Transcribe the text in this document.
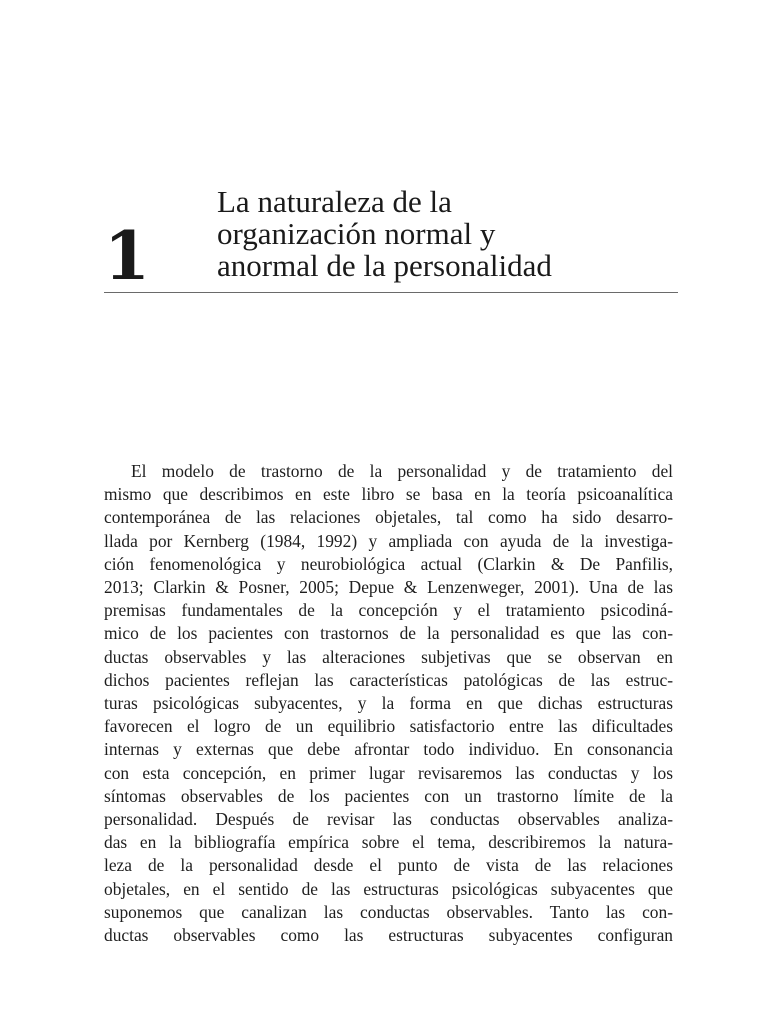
1
La naturaleza de la
organización normal y
anormal de la personalidad

El modelo de trastorno de la personalidad y de tratamiento del
mismo que describimos en este libro se basa en la teoría psicoanalítica
contemporánea de las relaciones objetales, tal como ha sido desarro-
llada por Kernberg (1984, 1992) y ampliada con ayuda de la investiga-
ción fenomenológica y neurobiológica actual (Clarkin & De Panfilis,
2013; Clarkin & Posner, 2005; Depue & Lenzenweger, 2001). Una de las
premisas fundamentales de la concepción y el tratamiento psicodiná-
mico de los pacientes con trastornos de la personalidad es que las con-
ductas observables y las alteraciones subjetivas que se observan en
dichos pacientes reflejan las características patológicas de las estruc-
turas psicológicas subyacentes, y la forma en que dichas estructuras
favorecen el logro de un equilibrio satisfactorio entre las dificultades
internas y externas que debe afrontar todo individuo. En consonancia
con esta concepción, en primer lugar revisaremos las conductas y los
síntomas observables de los pacientes con un trastorno límite de la
personalidad. Después de revisar las conductas observables analiza-
das en la bibliografía empírica sobre el tema, describiremos la natura-
leza de la personalidad desde el punto de vista de las relaciones
objetales, en el sentido de las estructuras psicológicas subyacentes que
suponemos que canalizan las conductas observables. Tanto las con-
ductas observables como las estructuras subyacentes configuran
